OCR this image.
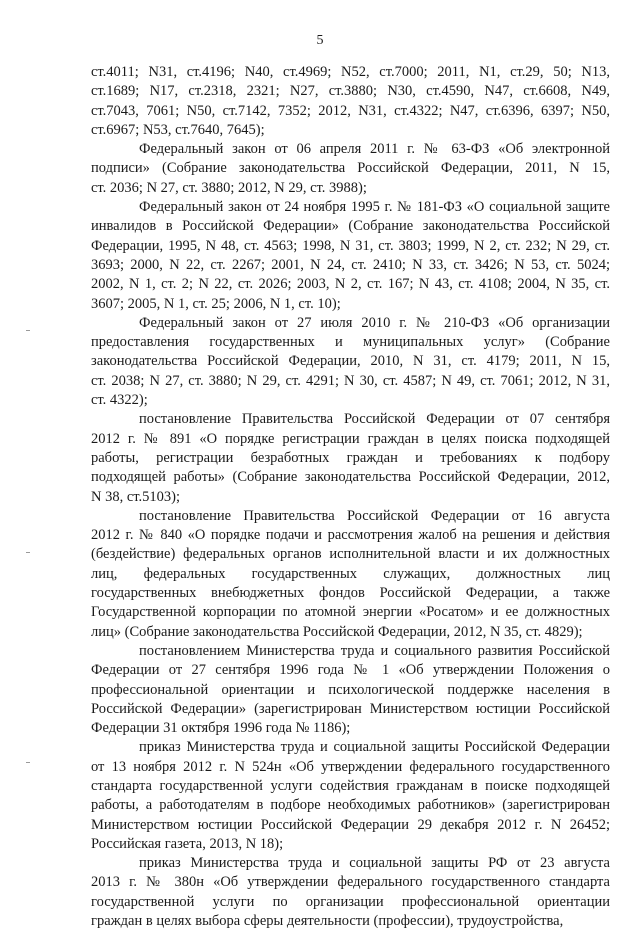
5
ст.4011; N31, ст.4196; N40, ст.4969; N52, ст.7000; 2011, N1, ст.29, 50; N13,
ст.1689; N17, ст.2318, 2321; N27, ст.3880; N30, ст.4590, N47, ст.6608, N49,
ст.7043, 7061; N50, ст.7142, 7352; 2012, N31, ст.4322; N47, ст.6396, 6397; N50,
ст.6967; N53, ст.7640, 7645);
Федеральный закон от 06 апреля 2011 г. № 63-ФЗ «Об электронной
подписи» (Собрание законодательства Российской Федерации, 2011, N 15,
ст. 2036; N 27, ст. 3880; 2012, N 29, ст. 3988);
Федеральный закон от 24 ноября 1995 г. № 181-ФЗ «О социальной защите
инвалидов в Российской Федерации» (Собрание законодательства Российской
Федерации, 1995, N 48, ст. 4563; 1998, N 31, ст. 3803; 1999, N 2, ст. 232; N 29, ст.
3693; 2000, N 22, ст. 2267; 2001, N 24, ст. 2410; N 33, ст. 3426; N 53, ст. 5024;
2002, N 1, ст. 2; N 22, ст. 2026; 2003, N 2, ст. 167; N 43, ст. 4108; 2004, N 35, ст.
3607; 2005, N 1, ст. 25; 2006, N 1, ст. 10);
Федеральный закон от 27 июля 2010 г. № 210-ФЗ «Об организации
предоставления государственных и муниципальных услуг» (Собрание
законодательства Российской Федерации, 2010, N 31, ст. 4179; 2011, N 15,
ст. 2038; N 27, ст. 3880; N 29, ст. 4291; N 30, ст. 4587; N 49, ст. 7061; 2012, N 31,
ст. 4322);
постановление Правительства Российской Федерации от 07 сентября
2012 г. № 891 «О порядке регистрации граждан в целях поиска подходящей
работы, регистрации безработных граждан и требованиях к подбору
подходящей работы» (Собрание законодательства Российской Федерации, 2012,
N 38, ст.5103);
постановление Правительства Российской Федерации от 16 августа
2012 г. № 840 «О порядке подачи и рассмотрения жалоб на решения и действия
(бездействие) федеральных органов исполнительной власти и их должностных
лиц, федеральных государственных служащих, должностных лиц
государственных внебюджетных фондов Российской Федерации, а также
Государственной корпорации по атомной энергии «Росатом» и ее должностных
лиц» (Собрание законодательства Российской Федерации, 2012, N 35, ст. 4829);
постановлением Министерства труда и социального развития Российской
Федерации от 27 сентября 1996 года № 1 «Об утверждении Положения о
профессиональной ориентации и психологической поддержке населения в
Российской Федерации» (зарегистрирован Министерством юстиции Российской
Федерации 31 октября 1996 года № 1186);
приказ Министерства труда и социальной защиты Российской Федерации
от 13 ноября 2012 г. N 524н «Об утверждении федерального государственного
стандарта государственной услуги содействия гражданам в поиске подходящей
работы, а работодателям в подборе необходимых работников» (зарегистрирован
Министерством юстиции Российской Федерации 29 декабря 2012 г. N 26452;
Российская газета, 2013, N 18);
приказ Министерства труда и социальной защиты РФ от 23 августа
2013 г. № 380н «Об утверждении федерального государственного стандарта
государственной услуги по организации профессиональной ориентации
граждан в целях выбора сферы деятельности (профессии), трудоустройства,
